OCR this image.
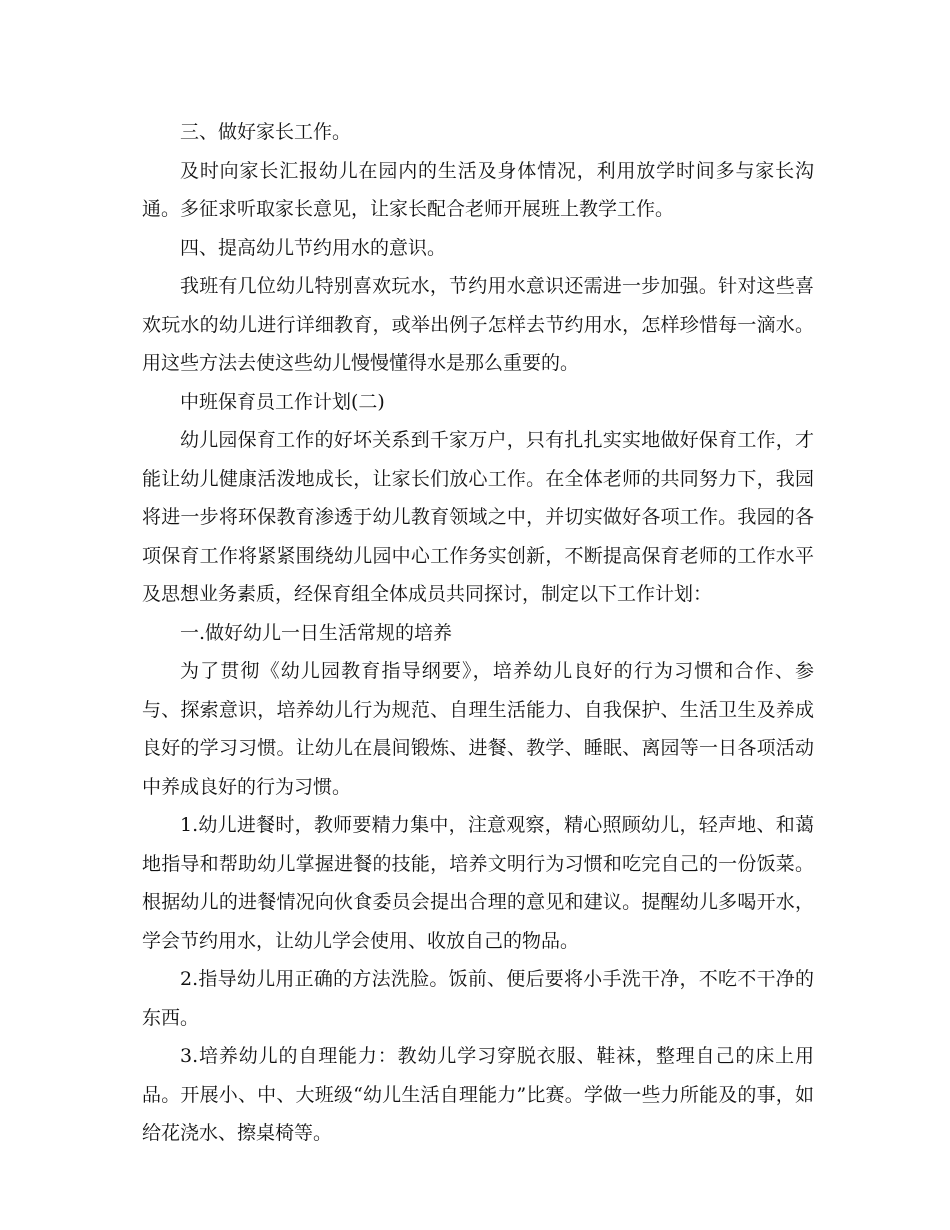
三、做好家长工作。

及时向家长汇报幼儿在园内的生活及身体情况，利用放学时间多与家长沟通。多征求听取家长意见，让家长配合老师开展班上教学工作。

四、提高幼儿节约用水的意识。

我班有几位幼儿特别喜欢玩水，节约用水意识还需进一步加强。针对这些喜欢玩水的幼儿进行详细教育，或举出例子怎样去节约用水，怎样珍惜每一滴水。用这些方法去使这些幼儿慢慢懂得水是那么重要的。

中班保育员工作计划(二)

幼儿园保育工作的好坏关系到千家万户，只有扎扎实实地做好保育工作，才能让幼儿健康活泼地成长，让家长们放心工作。在全体老师的共同努力下，我园将进一步将环保教育渗透于幼儿教育领域之中，并切实做好各项工作。我园的各项保育工作将紧紧围绕幼儿园中心工作务实创新，不断提高保育老师的工作水平及思想业务素质，经保育组全体成员共同探讨，制定以下工作计划：

一.做好幼儿一日生活常规的培养

为了贯彻《幼儿园教育指导纲要》，培养幼儿良好的行为习惯和合作、参与、探索意识，培养幼儿行为规范、自理生活能力、自我保护、生活卫生及养成良好的学习习惯。让幼儿在晨间锻炼、进餐、教学、睡眠、离园等一日各项活动中养成良好的行为习惯。

1.幼儿进餐时，教师要精力集中，注意观察，精心照顾幼儿，轻声地、和蔼地指导和帮助幼儿掌握进餐的技能，培养文明行为习惯和吃完自己的一份饭菜。根据幼儿的进餐情况向伙食委员会提出合理的意见和建议。提醒幼儿多喝开水，学会节约用水，让幼儿学会使用、收放自己的物品。

2.指导幼儿用正确的方法洗脸。饭前、便后要将小手洗干净，不吃不干净的东西。

3.培养幼儿的自理能力：教幼儿学习穿脱衣服、鞋袜，整理自己的床上用品。开展小、中、大班级“幼儿生活自理能力”比赛。学做一些力所能及的事，如给花浇水、擦桌椅等。
